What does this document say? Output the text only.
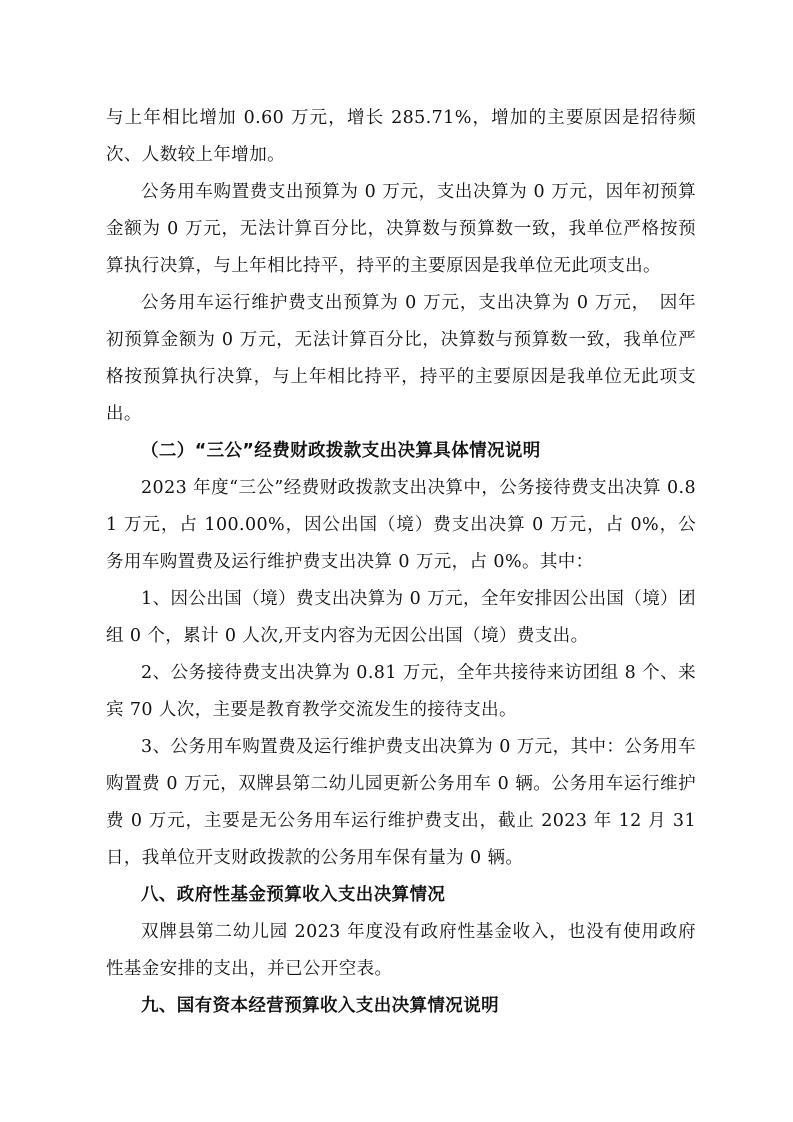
与上年相比增加 0.60 万元，增长 285.71%，增加的主要原因是招待频次、人数较上年增加。

公务用车购置费支出预算为 0 万元，支出决算为 0 万元，因年初预算金额为 0 万元，无法计算百分比，决算数与预算数一致，我单位严格按预算执行决算，与上年相比持平，持平的主要原因是我单位无此项支出。

公务用车运行维护费支出预算为 0 万元，支出决算为 0 万元，　因年初预算金额为 0 万元，无法计算百分比，决算数与预算数一致，我单位严格按预算执行决算，与上年相比持平，持平的主要原因是我单位无此项支出。

（二）“三公”经费财政拨款支出决算具体情况说明

2023 年度“三公”经费财政拨款支出决算中，公务接待费支出决算 0.81 万元，占 100.00%，因公出国（境）费支出决算 0 万元，占 0%，公务用车购置费及运行维护费支出决算 0 万元，占 0%。其中：

1、因公出国（境）费支出决算为 0 万元，全年安排因公出国（境）团组 0 个，累计 0 人次,开支内容为无因公出国（境）费支出。

2、公务接待费支出决算为 0.81 万元，全年共接待来访团组 8 个、来宾 70 人次，主要是教育教学交流发生的接待支出。

3、公务用车购置费及运行维护费支出决算为 0 万元，其中：公务用车购置费 0 万元，双牌县第二幼儿园更新公务用车 0 辆。公务用车运行维护费 0 万元，主要是无公务用车运行维护费支出，截止 2023 年 12 月 31 日，我单位开支财政拨款的公务用车保有量为 0 辆。

八、政府性基金预算收入支出决算情况

双牌县第二幼儿园 2023 年度没有政府性基金收入，也没有使用政府性基金安排的支出，并已公开空表。

九、国有资本经营预算收入支出决算情况说明
